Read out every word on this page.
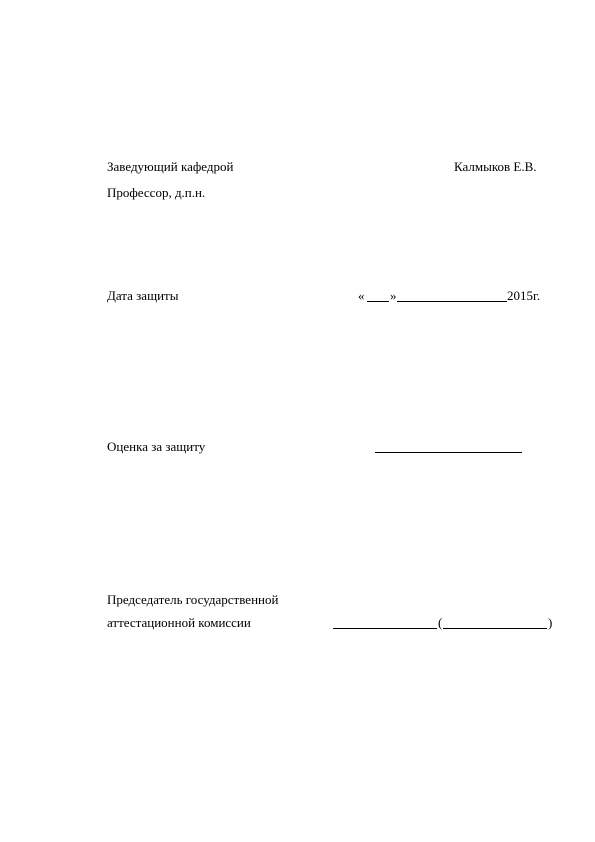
Заведующий кафедрой	Калмыков Е.В.
Профессор, д.п.н.
Дата защиты	« »	2015г.
Оценка за защиту
Председатель государственной
аттестационной комиссии	(	)
